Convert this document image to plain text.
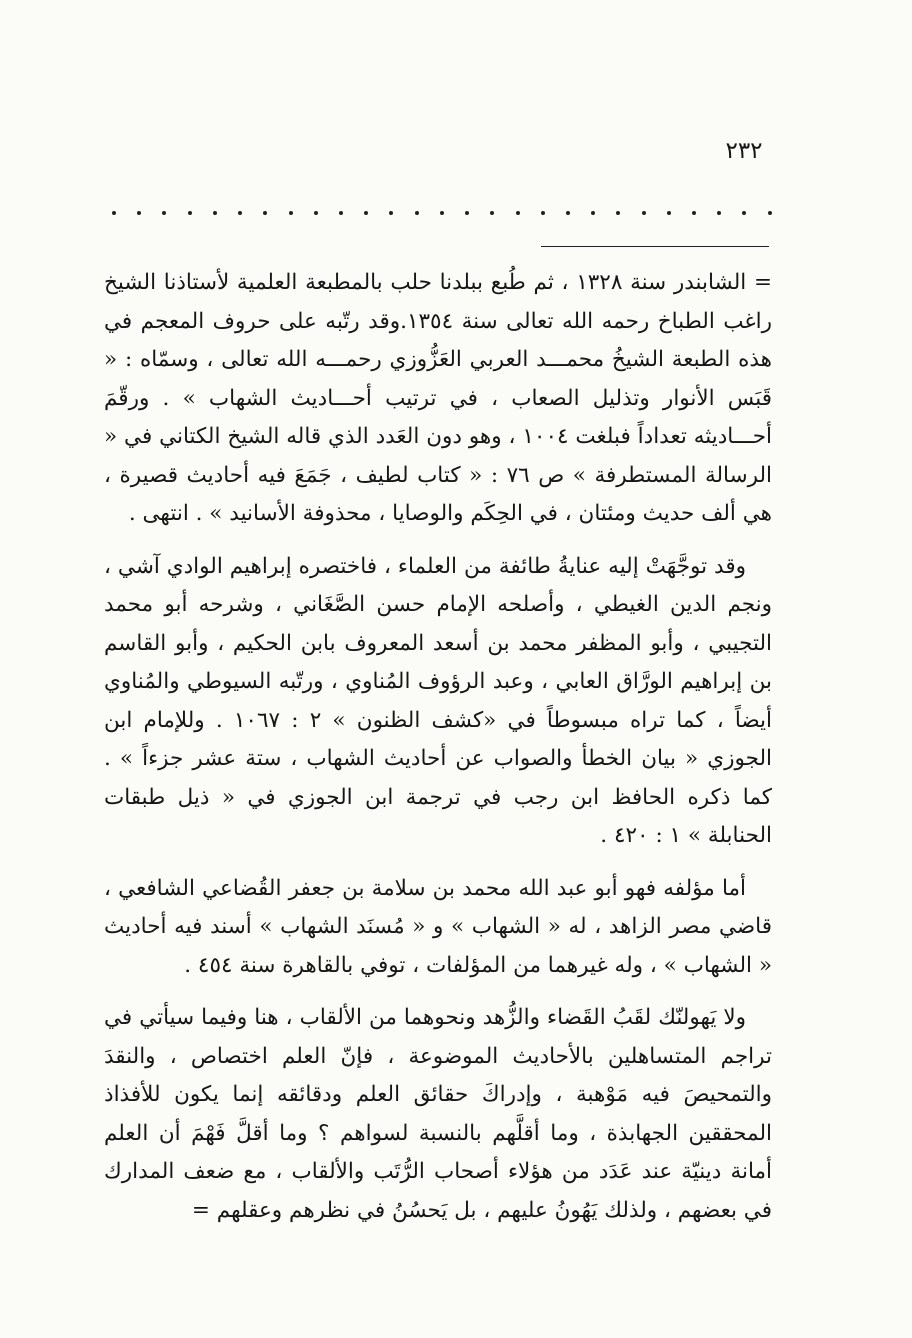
٢٣٢

= الشابندر سنة ١٣٢٨ ، ثم طُبع ببلدنا حلب بالمطبعة العلمية لأستاذنا الشيخ راغب الطباخ رحمه الله تعالى سنة ١٣٥٤.وقد رتّبه على حروف المعجم في هذه الطبعة الشيخُ محمـــد العربي العَزُّوزي رحمـــه الله تعالى ، وسمّاه : « قَبَس الأنوار وتذليل الصعاب ، في ترتيب أحـــاديث الشهاب » . ورقّمَ أحـــاديثه تعداداً فبلغت ١٠٠٤ ، وهو دون العَدد الذي قاله الشيخ الكتاني في « الرسالة المستطرفة » ص ٧٦ : « كتاب لطيف ، جَمَعَ فيه أحاديث قصيرة ، هي ألف حديث ومئتان ، في الحِكَم والوصايا ، محذوفة الأسانيد » . انتهى .

وقد توجَّهَتْ إليه عنايةُ طائفة من العلماء ، فاختصره إبراهيم الوادي آشي ، ونجم الدين الغيطي ، وأصلحه الإمام حسن الصَّغَاني ، وشرحه أبو محمد التجيبي ، وأبو المظفر محمد بن أسعد المعروف بابن الحكيم ، وأبو القاسم بن إبراهيم الورَّاق العابي ، وعبد الرؤوف المُناوي ، ورتّبه السيوطي والمُناوي أيضاً ، كما تراه مبسوطاً في «كشف الظنون » ٢ : ١٠٦٧ . وللإمام ابن الجوزي « بيان الخطأ والصواب عن أحاديث الشهاب ، ستة عشر جزءاً » . كما ذكره الحافظ ابن رجب في ترجمة ابن الجوزي في « ذيل طبقات الحنابلة » ١ : ٤٢٠ .

أما مؤلفه فهو أبو عبد الله محمد بن سلامة بن جعفر القُضاعي الشافعي ، قاضي مصر الزاهد ، له « الشهاب » و « مُسنَد الشهاب » أسند فيه أحاديث « الشهاب » ، وله غيرهما من المؤلفات ، توفي بالقاهرة سنة ٤٥٤ .

ولا يَهولنّك لقَبُ القَضاء والزُّهد ونحوهما من الألقاب ، هنا وفيما سيأتي في تراجم المتساهلين بالأحاديث الموضوعة ، فإنّ العلم اختصاص ، والنقدَ والتمحيصَ فيه مَوْهبة ، وإدراكَ حقائق العلم ودقائقه إنما يكون للأفذاذ المحققين الجهابذة ، وما أقلَّهم بالنسبة لسواهم ؟ وما أقلَّ فَهْمَ أن العلم أمانة دينيّة عند عَدَد من هؤلاء أصحاب الرُّتَب والألقاب ، مع ضعف المدارك في بعضهم ، ولذلك يَهُونُ عليهم ، بل يَحسُنُ في نظرهم وعقلهم =
